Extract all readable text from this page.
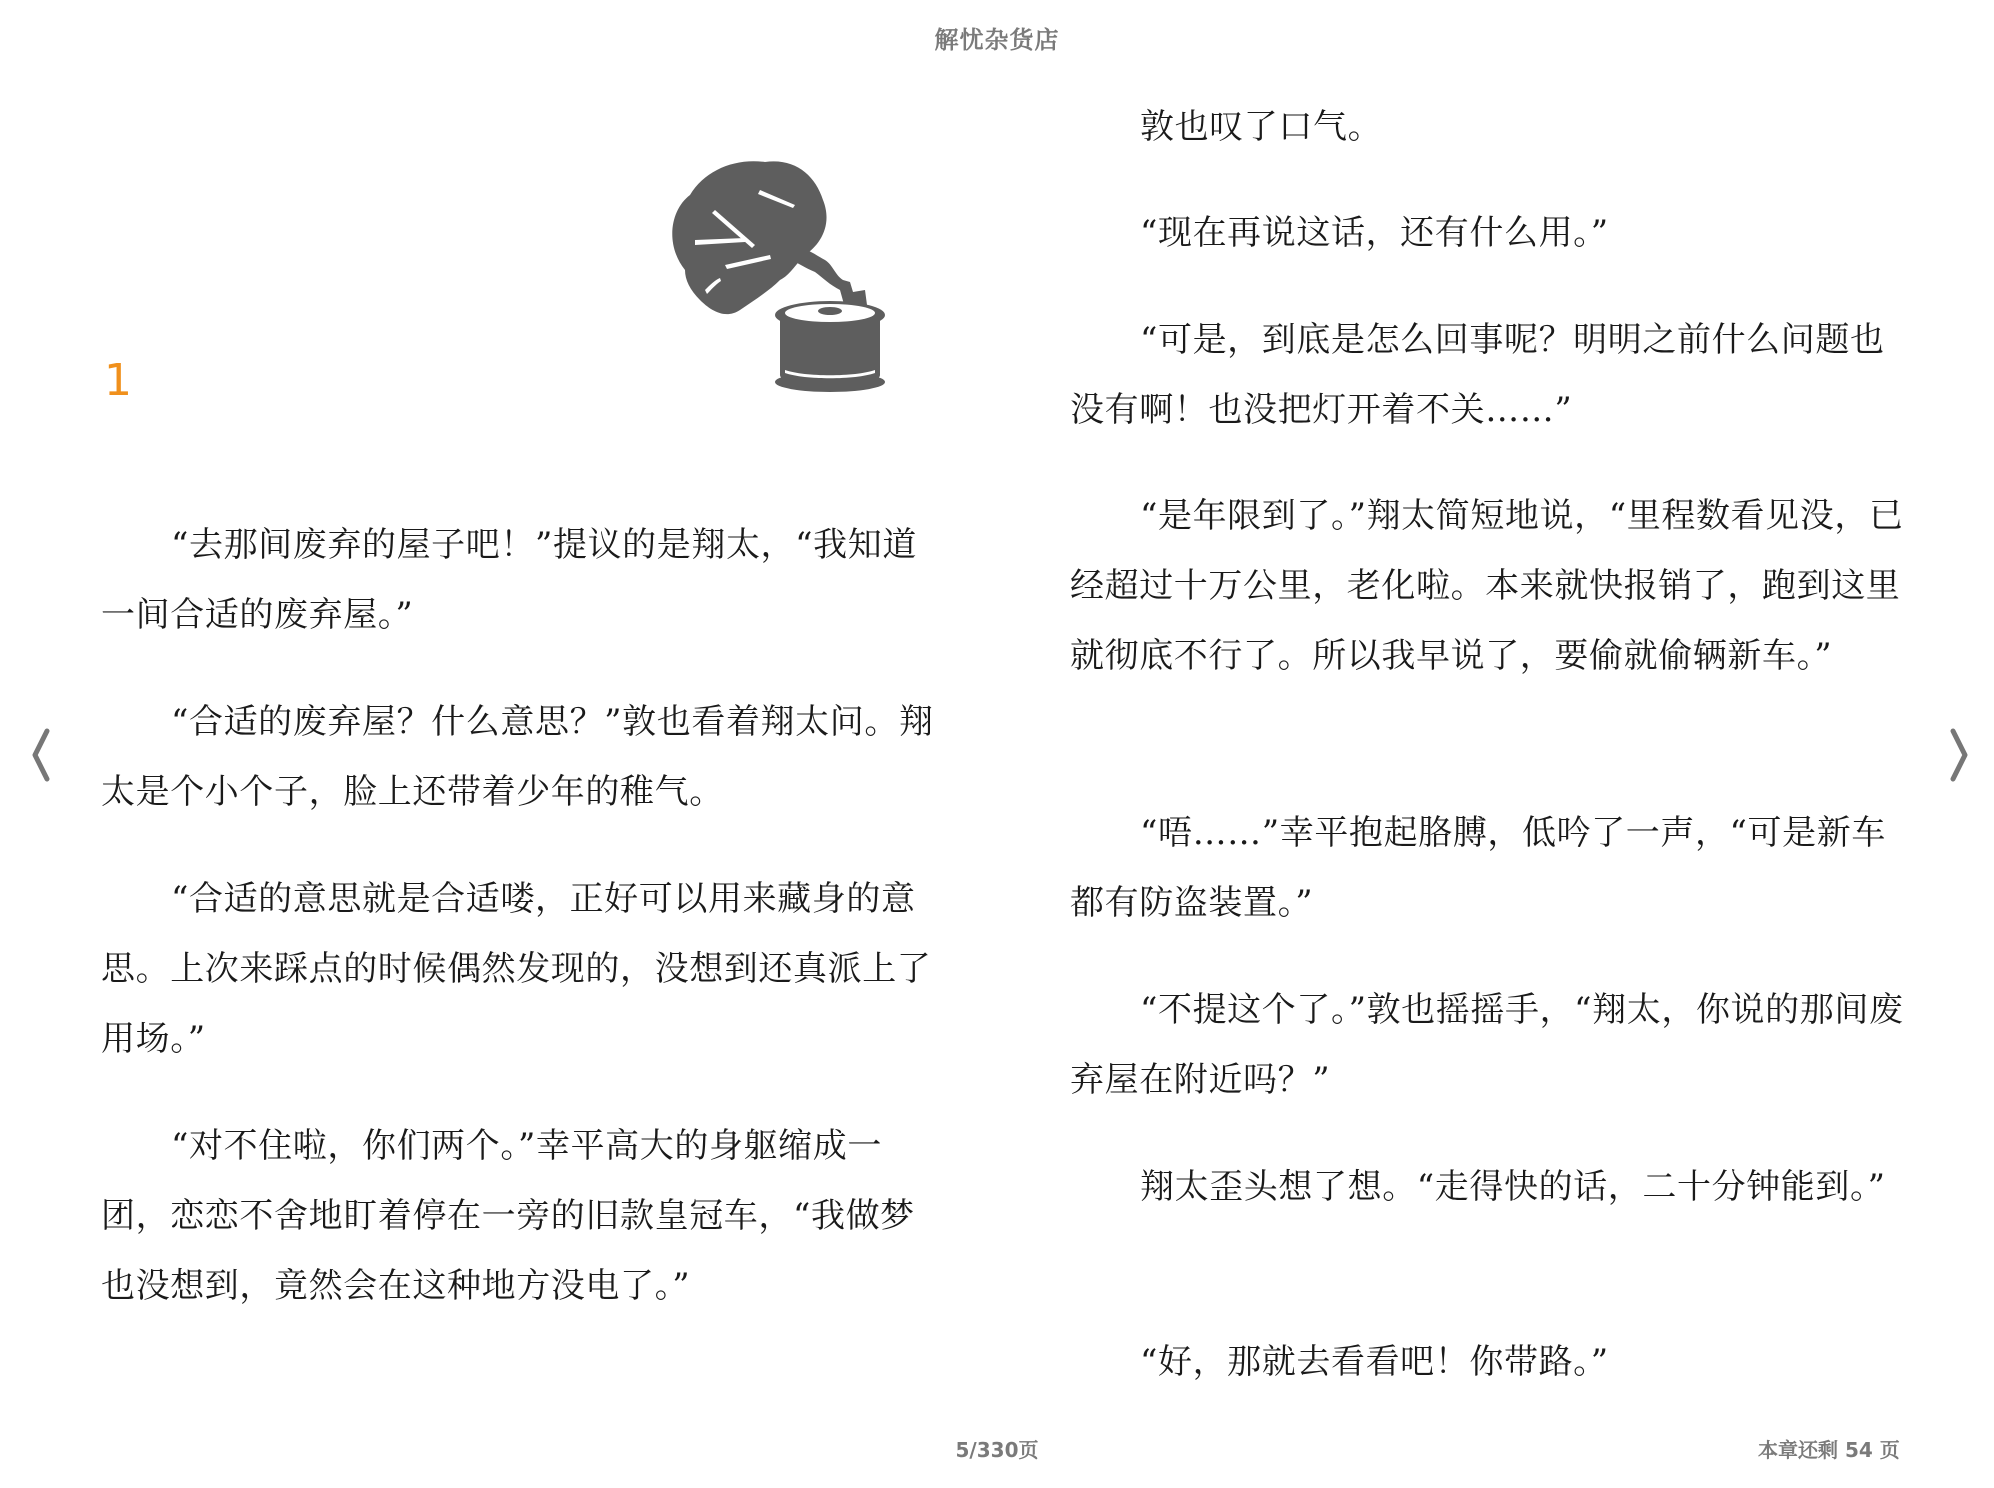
解忧杂货店
1

“去那间废弃的屋子吧！”提议的是翔太，“我知道一间合适的废弃屋。”

“合适的废弃屋？什么意思？”敦也看着翔太问。翔太是个小个子，脸上还带着少年的稚气。

“合适的意思就是合适喽，正好可以用来藏身的意思。上次来踩点的时候偶然发现的，没想到还真派上了用场。”

“对不住啦，你们两个。”幸平高大的身躯缩成一团，恋恋不舍地盯着停在一旁的旧款皇冠车，“我做梦也没想到，竟然会在这种地方没电了。”

敦也叹了口气。

“现在再说这话，还有什么用。”

“可是，到底是怎么回事呢？明明之前什么问题也没有啊！也没把灯开着不关……”

“是年限到了。”翔太简短地说，“里程数看见没，已经超过十万公里，老化啦。本来就快报销了，跑到这里就彻底不行了。所以我早说了，要偷就偷辆新车。”

“唔……”幸平抱起胳膊，低吟了一声，“可是新车都有防盗装置。”

“不提这个了。”敦也摇摇手，“翔太，你说的那间废弃屋在附近吗？”

翔太歪头想了想。“走得快的话，二十分钟能到。”

“好，那就去看看吧！你带路。”

5/330页	本章还剩 54 页
